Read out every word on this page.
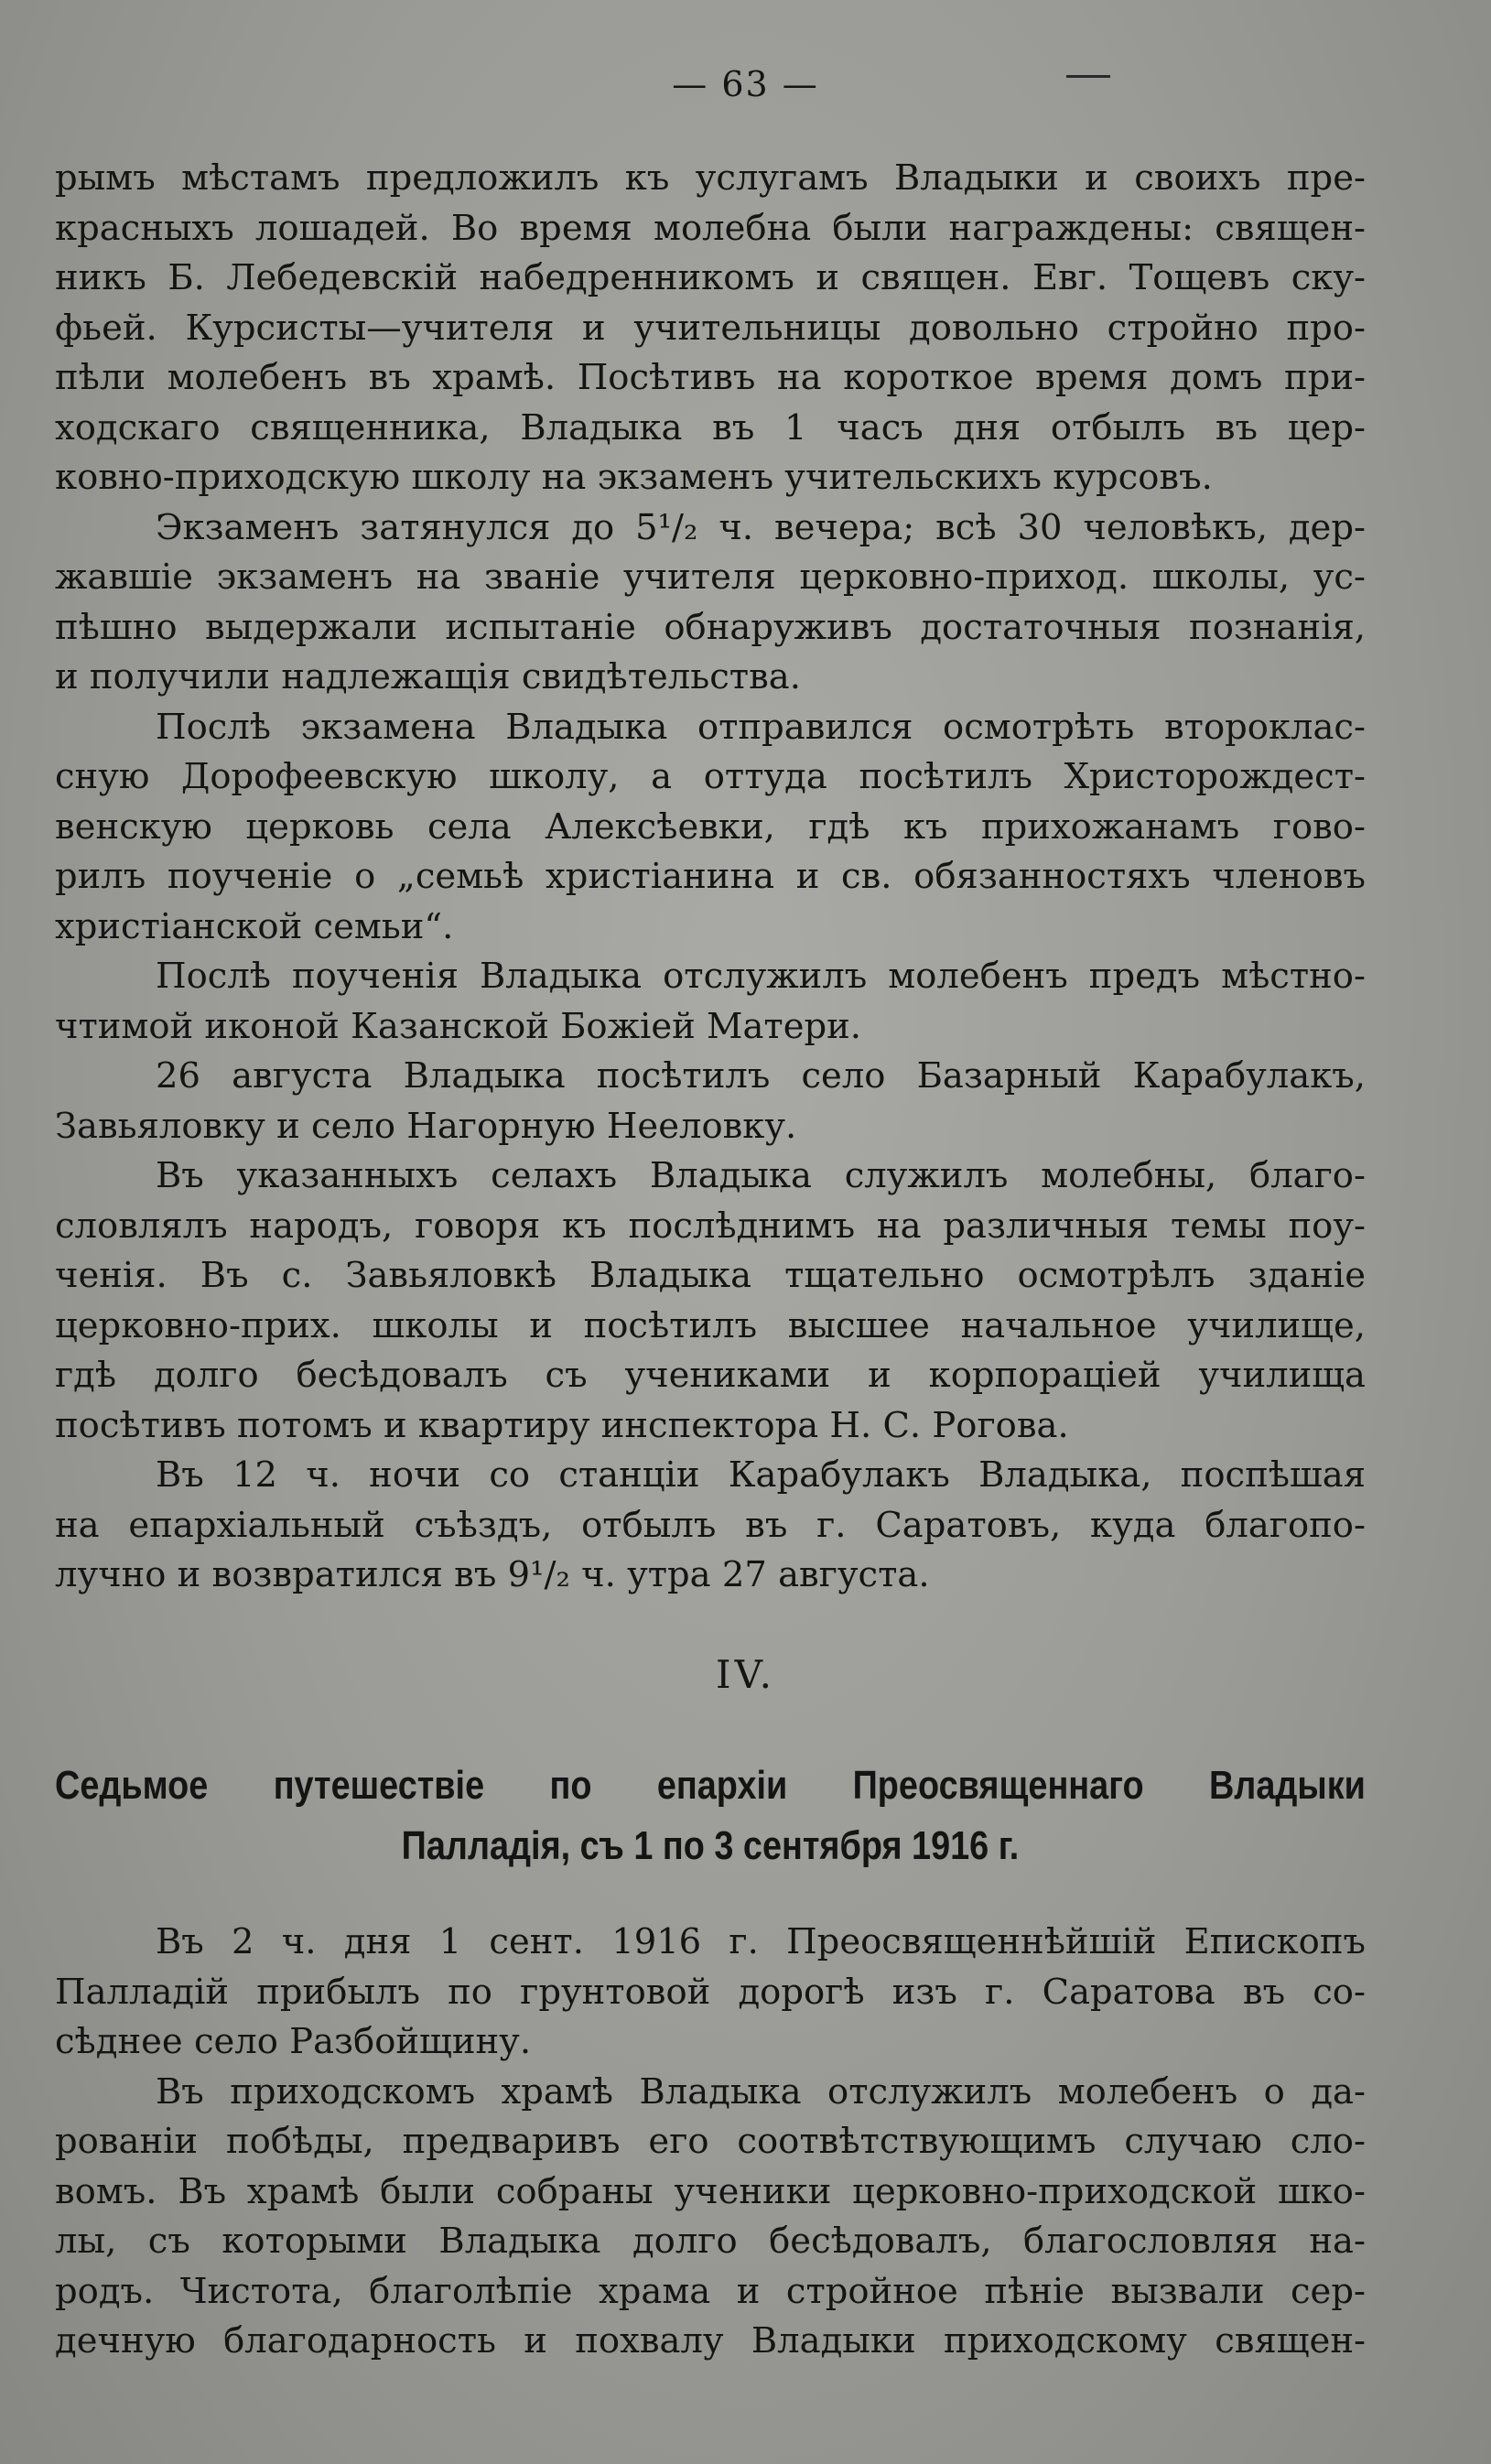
— 63 —
рымъ мѣстамъ предложилъ къ услугамъ Владыки и своихъ пре-
красныхъ лошадей. Во время молебна были награждены: священ-
никъ Б. Лебедевскій набедренникомъ и священ. Евг. Тощевъ ску-
фьей. Курсисты—учителя и учительницы довольно стройно про-
пѣли молебенъ въ храмѣ. Посѣтивъ на короткое время домъ при-
ходскаго священника, Владыка въ 1 часъ дня отбылъ въ цер-
ковно-приходскую школу на экзаменъ учительскихъ курсовъ.
Экзаменъ затянулся до 5¹/₂ ч. вечера; всѣ 30 человѣкъ, дер-
жавшіе экзаменъ на званіе учителя церковно-приход. школы, ус-
пѣшно выдержали испытаніе обнаруживъ достаточныя познанія,
и получили надлежащія свидѣтельства.
Послѣ экзамена Владыка отправился осмотрѣть второклас-
сную Дорофеевскую школу, а оттуда посѣтилъ Христорождест-
венскую церковь села Алексѣевки, гдѣ къ прихожанамъ гово-
рилъ поученіе о „семьѣ христіанина и св. обязанностяхъ членовъ
христіанской семьи“.
Послѣ поученія Владыка отслужилъ молебенъ предъ мѣстно-
чтимой иконой Казанской Божіей Матери.
26 августа Владыка посѣтилъ село Базарный Карабулакъ,
Завьяловку и село Нагорную Нееловку.
Въ указанныхъ селахъ Владыка служилъ молебны, благо-
словлялъ народъ, говоря къ послѣднимъ на различныя темы поу-
ченія. Въ с. Завьяловкѣ Владыка тщательно осмотрѣлъ зданіе
церковно-прих. школы и посѣтилъ высшее начальное училище,
гдѣ долго бесѣдовалъ съ учениками и корпораціей училища
посѣтивъ потомъ и квартиру инспектора Н. С. Рогова.
Въ 12 ч. ночи со станціи Карабулакъ Владыка, поспѣшая
на епархіальный съѣздъ, отбылъ въ г. Саратовъ, куда благопо-
лучно и возвратился въ 9¹/₂ ч. утра 27 августа.
IV.
Седьмое путешествіе по епархіи Преосвященнаго Владыки
Палладія, съ 1 по 3 сентября 1916 г.
Въ 2 ч. дня 1 сент. 1916 г. Преосвященнѣйшій Епископъ
Палладій прибылъ по грунтовой дорогѣ изъ г. Саратова въ со-
сѣднее село Разбойщину.
Въ приходскомъ храмѣ Владыка отслужилъ молебенъ о да-
рованіи побѣды, предваривъ его соотвѣтствующимъ случаю сло-
вомъ. Въ храмѣ были собраны ученики церковно-приходской шко-
лы, съ которыми Владыка долго бесѣдовалъ, благословляя на-
родъ. Чистота, благолѣпіе храма и стройное пѣніе вызвали сер-
дечную благодарность и похвалу Владыки приходскому священ-
